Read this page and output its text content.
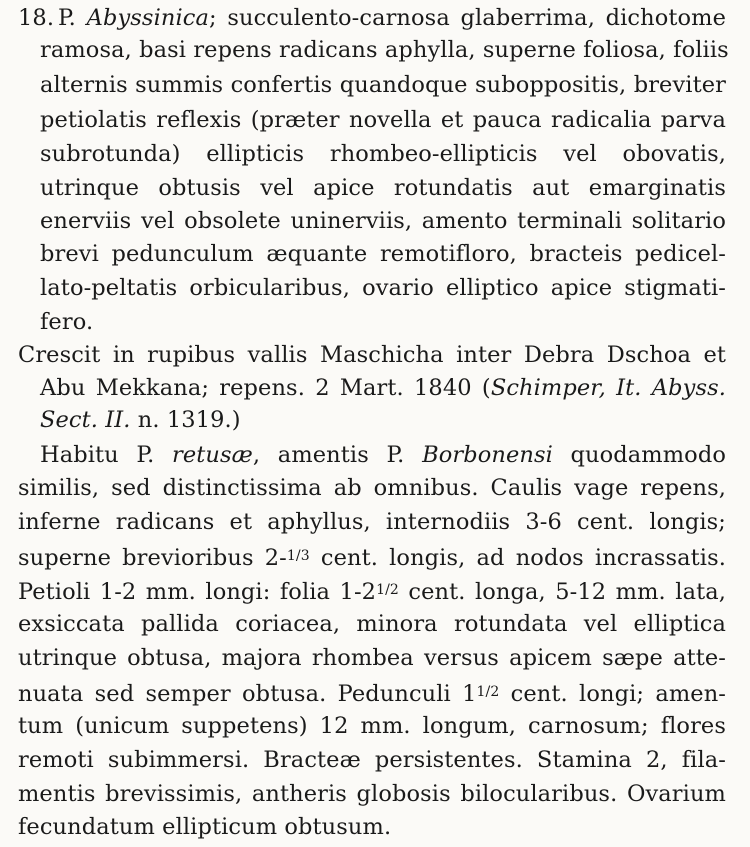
18. P. Abyssinica; succulento-carnosa glaberrima, dichotome
ramosa, basi repens radicans aphylla, superne foliosa, foliis
alternis summis confertis quandoque suboppositis, breviter
petiolatis reflexis (præter novella et pauca radicalia parva
subrotunda) ellipticis rhombeo-ellipticis vel obovatis,
utrinque obtusis vel apice rotundatis aut emarginatis
enerviis vel obsolete uninerviis, amento terminali solitario
brevi pedunculum æquante remotifloro, bracteis pedicel-
lato-peltatis orbicularibus, ovario elliptico apice stigmati-
fero.
Crescit in rupibus vallis Maschicha inter Debra Dschoa et
Abu Mekkana; repens. 2 Mart. 1840 (Schimper, It. Abyss.
Sect. II. n. 1319.)
Habitu P. retusæ, amentis P. Borbonensi quodammodo
similis, sed distinctissima ab omnibus. Caulis vage repens,
inferne radicans et aphyllus, internodiis 3-6 cent. longis;
superne brevioribus 2-$^{1/3}$ cent. longis, ad nodos incrassatis.
Petioli 1-2 mm. longi: folia $1-2^{1/2}$ cent. longa, 5-12 mm. lata,
exsiccata pallida coriacea, minora rotundata vel elliptica
utrinque obtusa, majora rhombea versus apicem sæpe atte-
nuata sed semper obtusa. Pedunculi $1^{1/2}$ cent. longi; amen-
tum (unicum suppetens) 12 mm. longum, carnosum; flores
remoti subimmersi. Bracteæ persistentes. Stamina 2, fila-
mentis brevissimis, antheris globosis bilocularibus. Ovarium
fecundatum ellipticum obtusum.
